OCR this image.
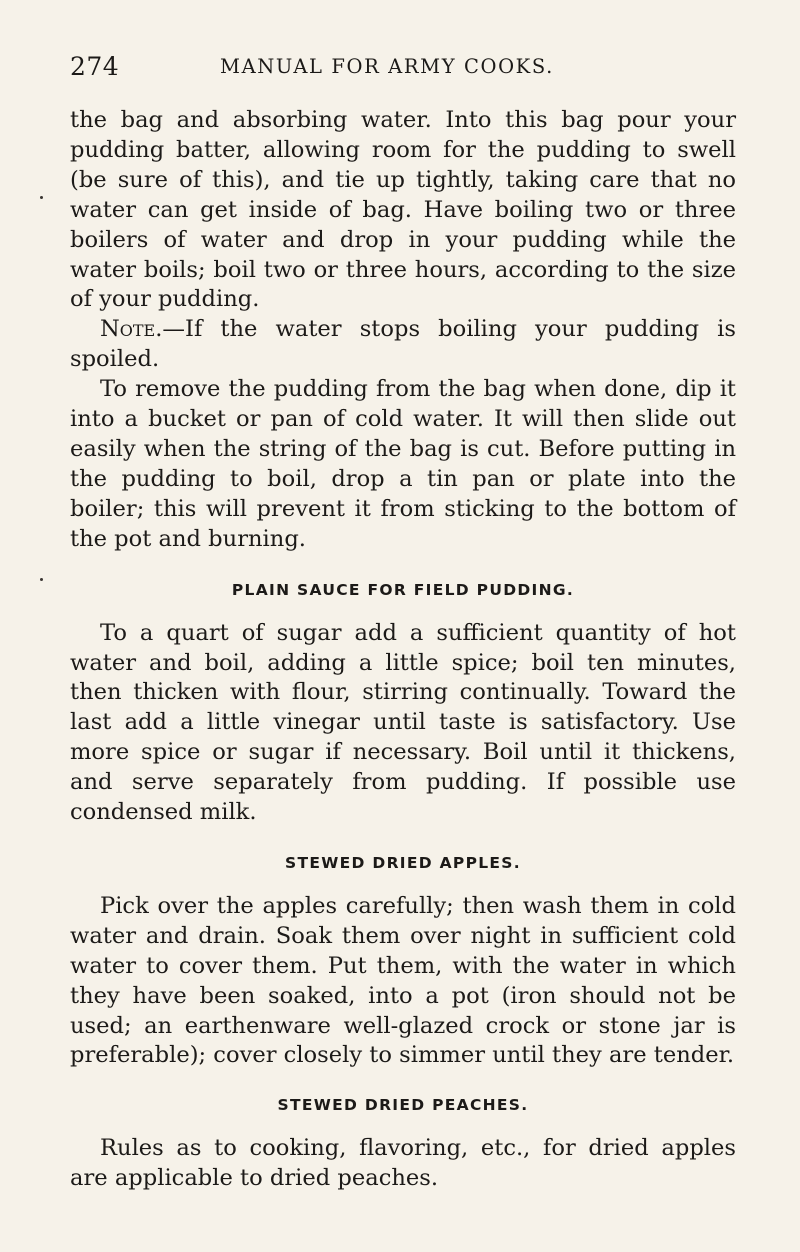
274	MANUAL FOR ARMY COOKS.

the bag and absorbing water. Into this bag pour your pudding batter, allowing room for the pudding to swell (be sure of this), and tie up tightly, taking care that no water can get inside of bag. Have boiling two or three boilers of water and drop in your pudding while the water boils; boil two or three hours, according to the size of your pudding.

Note.—If the water stops boiling your pudding is spoiled.

To remove the pudding from the bag when done, dip it into a bucket or pan of cold water. It will then slide out easily when the string of the bag is cut. Before putting in the pudding to boil, drop a tin pan or plate into the boiler; this will prevent it from sticking to the bottom of the pot and burning.

PLAIN SAUCE FOR FIELD PUDDING.

To a quart of sugar add a sufficient quantity of hot water and boil, adding a little spice; boil ten minutes, then thicken with flour, stirring continually. Toward the last add a little vinegar until taste is satisfactory. Use more spice or sugar if necessary. Boil until it thickens, and serve separately from pudding. If possible use condensed milk.

STEWED DRIED APPLES.

Pick over the apples carefully; then wash them in cold water and drain. Soak them over night in sufficient cold water to cover them. Put them, with the water in which they have been soaked, into a pot (iron should not be used; an earthenware well-glazed crock or stone jar is preferable); cover closely to simmer until they are tender.

STEWED DRIED PEACHES.

Rules as to cooking, flavoring, etc., for dried apples are applicable to dried peaches.
